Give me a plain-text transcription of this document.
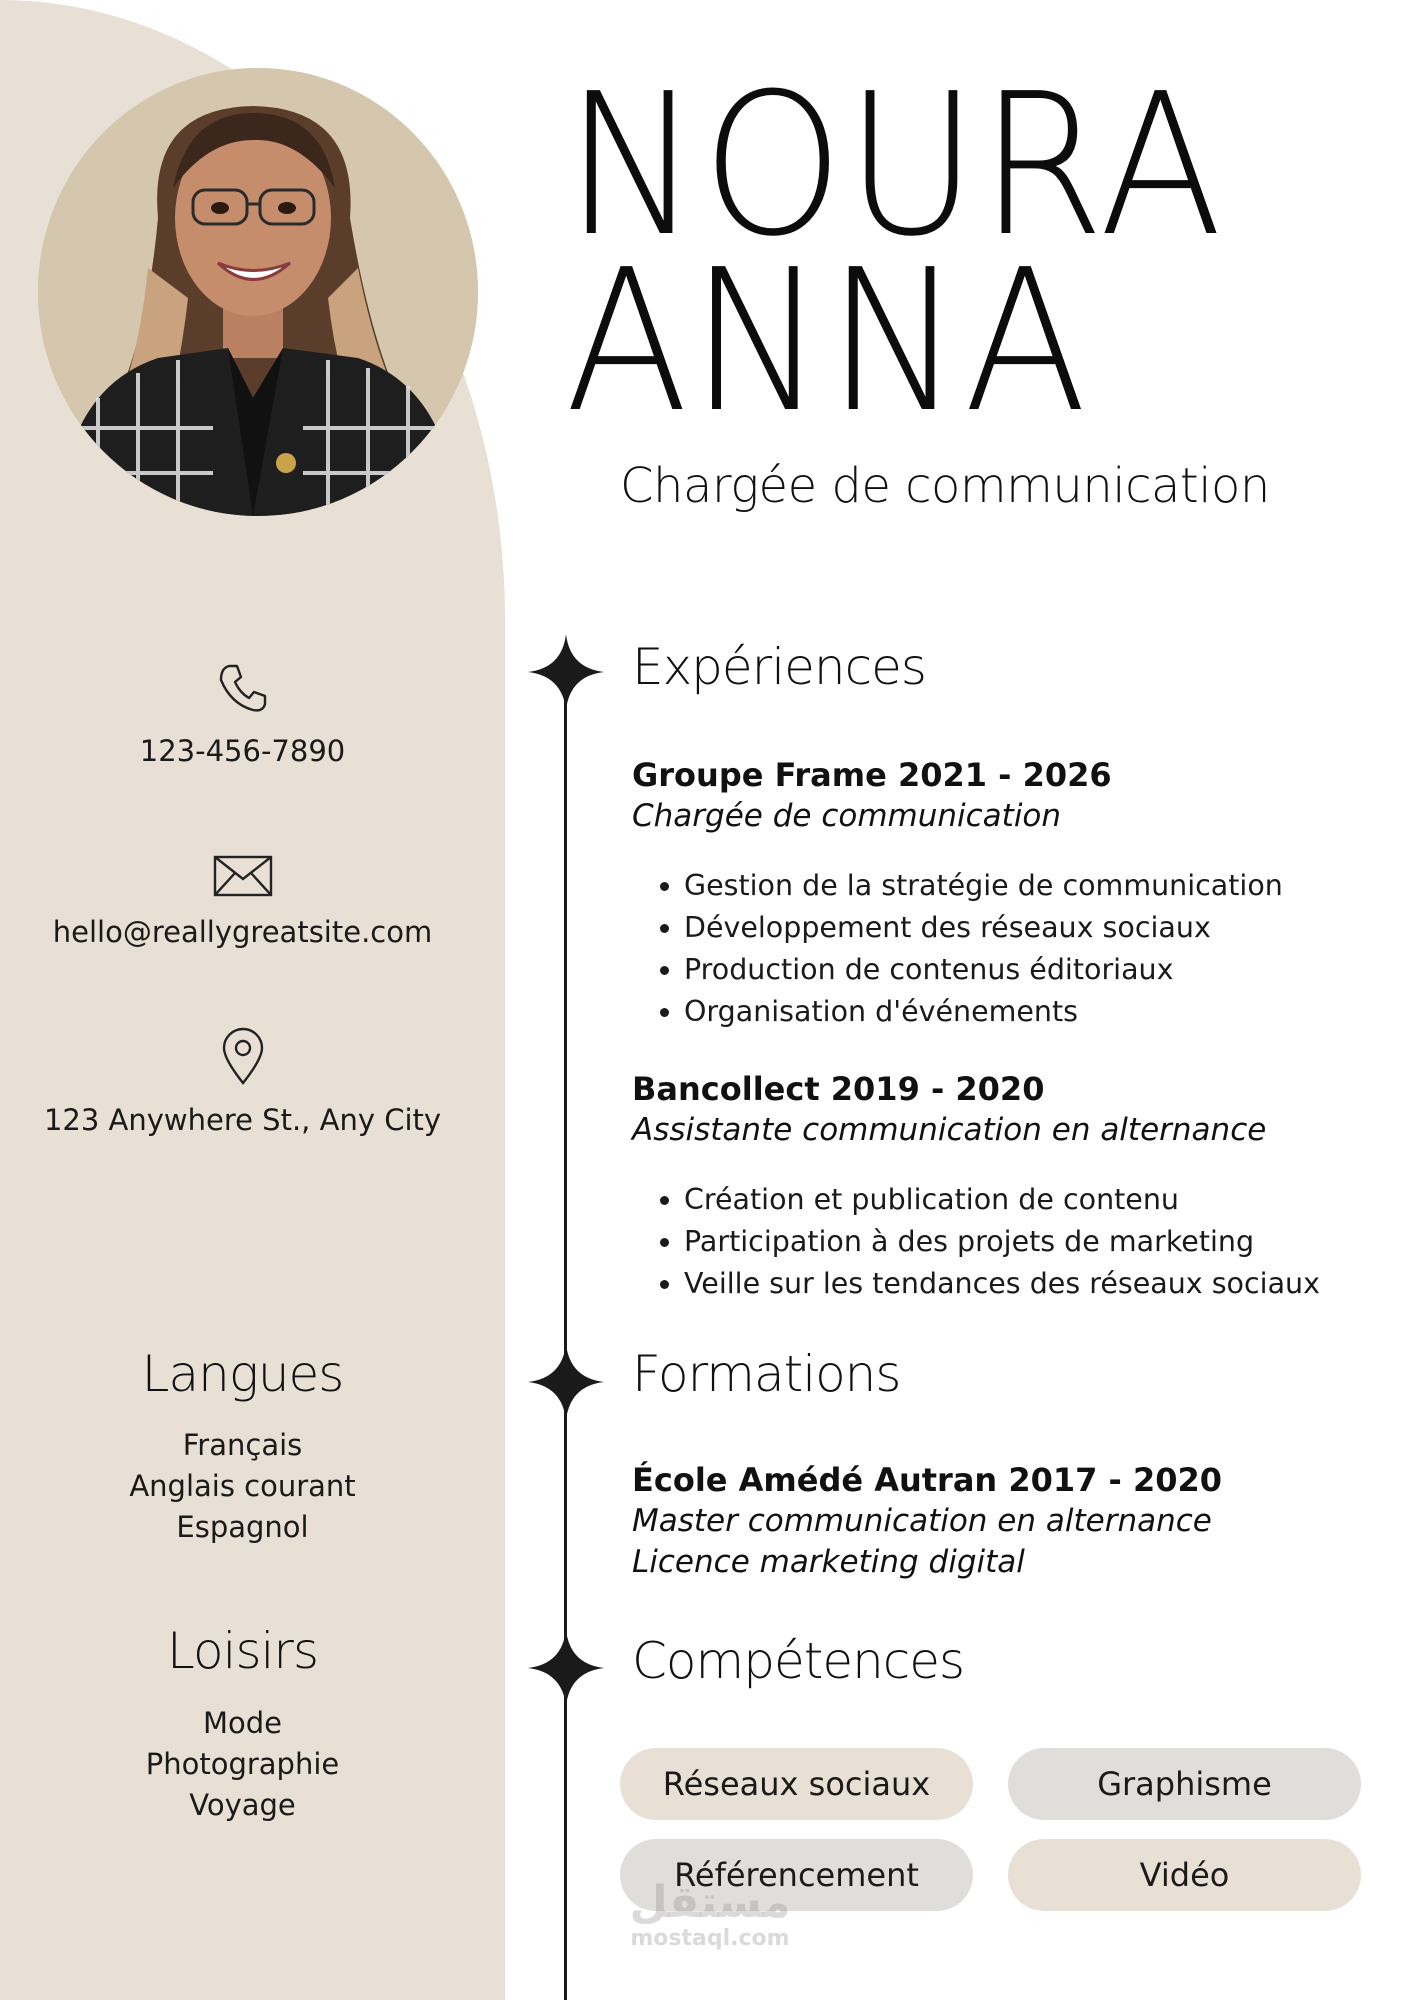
123-456-7890
hello@reallygreatsite.com
123 Anywhere St., Any City
Langues
Français
Anglais courant
Espagnol
Loisirs
Mode
Photographie
Voyage
NOURA
ANNA
Chargée de communication
Expériences
Groupe Frame 2021 - 2026
Chargée de communication
• Gestion de la stratégie de communication
• Développement des réseaux sociaux
• Production de contenus éditoriaux
• Organisation d'événements
Bancollect 2019 - 2020
Assistante communication en alternance
• Création et publication de contenu
• Participation à des projets de marketing
• Veille sur les tendances des réseaux sociaux
Formations
École Amédé Autran 2017 - 2020
Master communication en alternance
Licence marketing digital
Compétences
Réseaux sociaux	Graphisme
Référencement	Vidéo
مستقل
mostaql.com
